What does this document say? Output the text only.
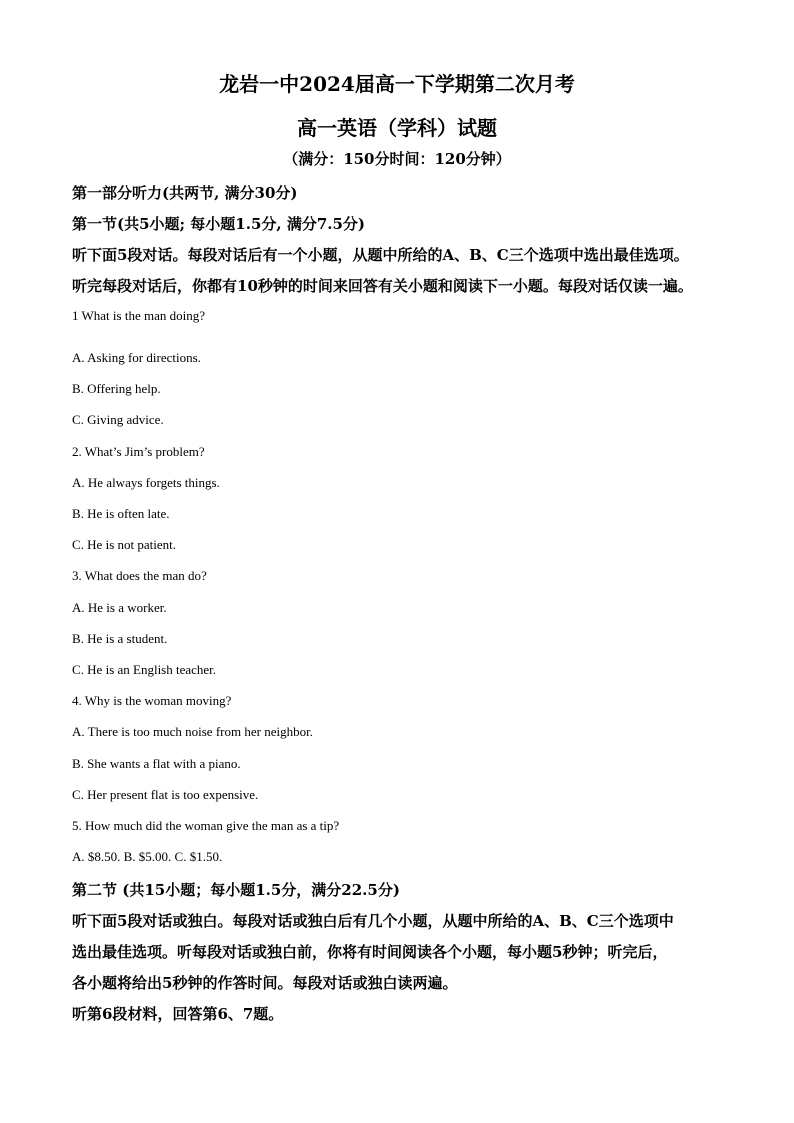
龙岩一中2024届高一下学期第二次月考
高一英语（学科）试题
（满分：150分时间：120分钟）
第一部分听力(共两节, 满分30分)
第一节(共5小题; 每小题1.5分, 满分7.5分)
听下面5段对话。每段对话后有一个小题，从题中所给的A、B、C三个选项中选出最佳选项。
听完每段对话后，你都有10秒钟的时间来回答有关小题和阅读下一小题。每段对话仅读一遍。
1 What is the man doing?
A. Asking for directions.
B. Offering help.
C. Giving advice.
2. What’s Jim’s problem?
A. He always forgets things.
B. He is often late.
C. He is not patient.
3. What does the man do?
A. He is a worker.
B. He is a student.
C. He is an English teacher.
4. Why is the woman moving?
A. There is too much noise from her neighbor.
B. She wants a flat with a piano.
C. Her present flat is too expensive.
5. How much did the woman give the man as a tip?
A. $8.50. B. $5.00. C. $1.50.
第二节 (共15小题；每小题1.5分，满分22.5分)
听下面5段对话或独白。每段对话或独白后有几个小题，从题中所给的A、B、C三个选项中
选出最佳选项。听每段对话或独白前，你将有时间阅读各个小题，每小题5秒钟；听完后，
各小题将给出5秒钟的作答时间。每段对话或独白读两遍。
听第6段材料，回答第6、7题。
